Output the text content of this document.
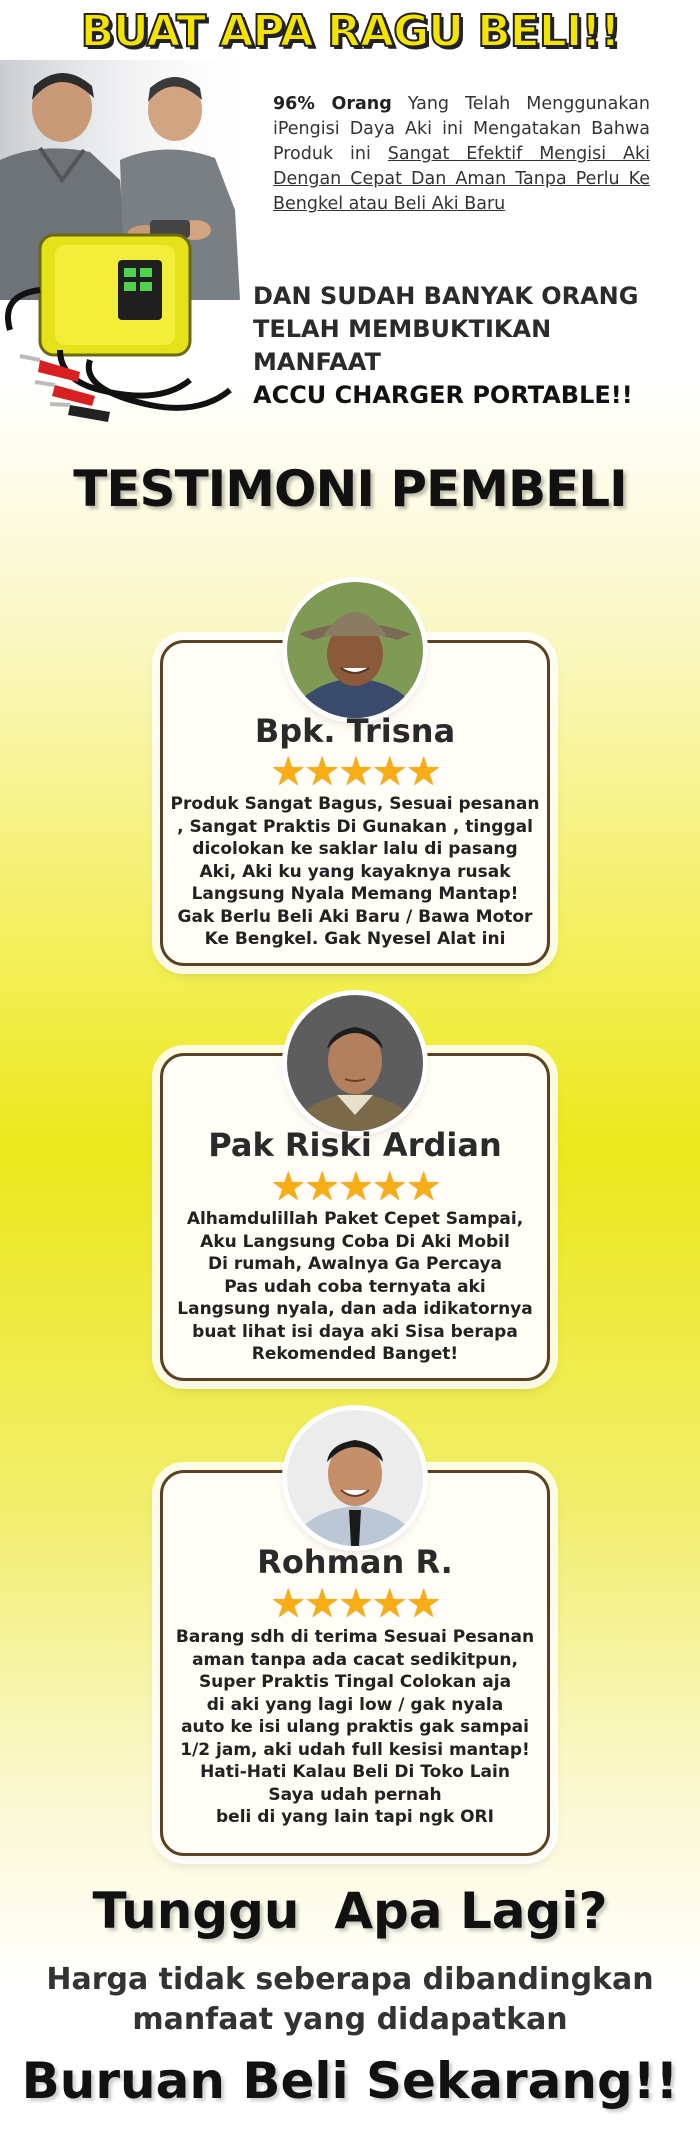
BUAT APA RAGU BELI!!
96% Orang Yang Telah Menggunakan iPengisi Daya Aki ini Mengatakan Bahwa Produk ini Sangat Efektif Mengisi Aki Dengan Cepat Dan Aman Tanpa Perlu Ke Bengkel atau Beli Aki Baru
DAN SUDAH BANYAK ORANG
TELAH MEMBUKTIKAN MANFAAT
ACCU CHARGER PORTABLE!!
TESTIMONI PEMBELI
Bpk. Trisna
★★★★★
Produk Sangat Bagus, Sesuai pesanan
, Sangat Praktis Di Gunakan , tinggal
dicolokan ke saklar lalu di pasang
Aki, Aki ku yang kayaknya rusak
Langsung Nyala Memang Mantap!
Gak Berlu Beli Aki Baru / Bawa Motor
Ke Bengkel. Gak Nyesel Alat ini
Pak Riski Ardian
★★★★★
Alhamdulillah Paket Cepet Sampai,
Aku Langsung Coba Di Aki Mobil
Di rumah, Awalnya Ga Percaya
Pas udah coba ternyata aki
Langsung nyala, dan ada idikatornya
buat lihat isi daya aki Sisa berapa
Rekomended Banget!
Rohman R.
★★★★★
Barang sdh di terima Sesuai Pesanan
aman tanpa ada cacat sedikitpun,
Super Praktis Tingal Colokan aja
di aki yang lagi low / gak nyala
auto ke isi ulang praktis gak sampai
1/2 jam, aki udah full kesisi mantap!
Hati-Hati Kalau Beli Di Toko Lain
Saya udah pernah
beli di yang lain tapi ngk ORI
Tunggu  Apa Lagi?
Harga tidak seberapa dibandingkan
manfaat yang didapatkan
Buruan Beli Sekarang!!
